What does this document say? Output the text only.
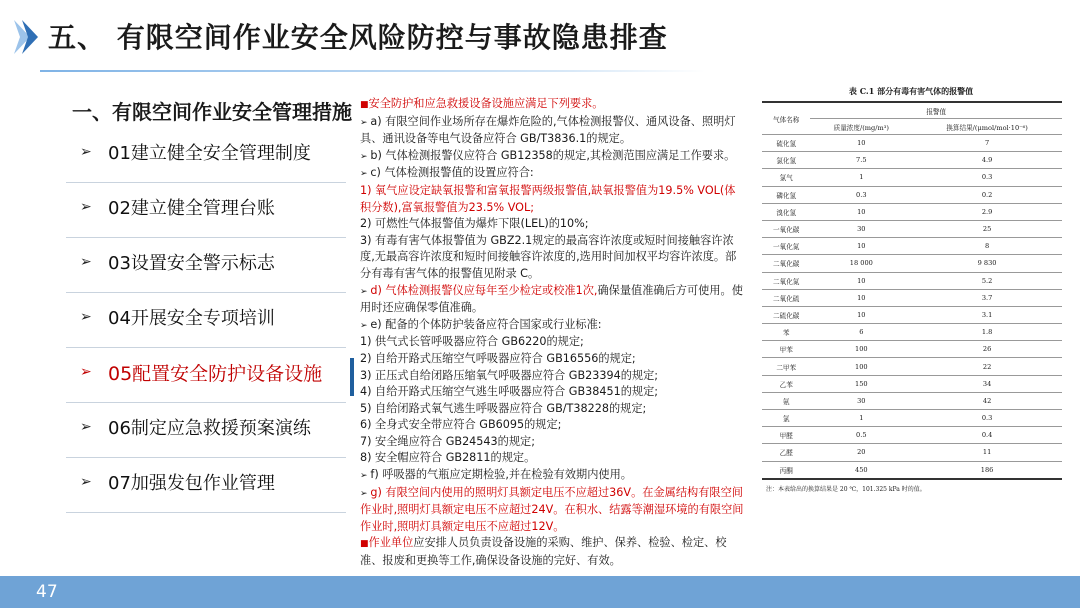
五、 有限空间作业安全风险防控与事故隐患排查
一、有限空间作业安全管理措施
➢ 01建立健全安全管理制度
➢ 02建立健全管理台账
➢ 03设置安全警示标志
➢ 04开展安全专项培训
➢ 05配置安全防护设备设施
➢ 06制定应急救援预案演练
➢ 07加强发包作业管理

■安全防护和应急救援设备设施应满足下列要求。

➢ a) 有限空间作业场所存在爆炸危险的,气体检测报警仪、通风设备、照明灯具、通讯设备等电气设备应符合 GB/T3836.1的规定。

➢ b) 气体检测报警仪应符合 GB12358的规定,其检测范围应满足工作要求。

➢ c) 气体检测报警值的设置应符合:

1) 氧气应设定缺氧报警和富氧报警两级报警值,缺氧报警值为19.5% VOL(体积分数),富氧报警值为23.5% VOL;

2) 可燃性气体报警值为爆炸下限(LEL)的10%;

3) 有毒有害气体报警值为 GBZ2.1规定的最高容许浓度或短时间接触容许浓度,无最高容许浓度和短时间接触容许浓度的,选用时间加权平均容许浓度。部分有毒有害气体的报警值见附录 C。

➢ d) 气体检测报警仪应每年至少检定或校准1次,确保量值准确后方可使用。使用时还应确保零值准确。

➢ e) 配备的个体防护装备应符合国家或行业标准:

1) 供气式长管呼吸器应符合 GB6220的规定;

2) 自给开路式压缩空气呼吸器应符合 GB16556的规定;

3) 正压式自给闭路压缩氧气呼吸器应符合 GB23394的规定;

4) 自给开路式压缩空气逃生呼吸器应符合 GB38451的规定;

5) 自给闭路式氧气逃生呼吸器应符合 GB/T38228的规定;

6) 全身式安全带应符合 GB6095的规定;

7) 安全绳应符合 GB24543的规定;

8) 安全帽应符合 GB2811的规定。

➢ f) 呼吸器的气瓶应定期检验,并在检验有效期内使用。

➢ g) 有限空间内使用的照明灯具额定电压不应超过36V。在金属结构有限空间作业时,照明灯具额定电压不应超过24V。在积水、结露等潮湿环境的有限空间作业时,照明灯具额定电压不应超过12V。

■作业单位应安排人员负责设备设施的采购、维护、保养、检验、检定、校准、报废和更换等工作,确保设备设施的完好、有效。

表 C.1 部分有毒有害气体的报警值
气体名称	报警值	
	质量浓度/(mg/m³)	换算结果/(μmol/mol·10⁻⁶)
硫化氢	10	7
氯化氢	7.5	4.9
氯气	1	0.3
磷化氢	0.3	0.2
溴化氢	10	2.9
一氧化碳	30	25
一氧化氮	10	8
二氧化碳	18 000	9 830
二氧化氮	10	5.2
二氧化硫	10	3.7
二硫化碳	10	3.1
苯	6	1.8
甲苯	100	26
二甲苯	100	22
乙苯	150	34
氨	30	42
氯	1	0.3
甲醛	0.5	0.4
乙醛	20	11
丙酮	450	186
注：本表给出的换算结果是 20 ℃，101.325 kPa 时的值。
47
